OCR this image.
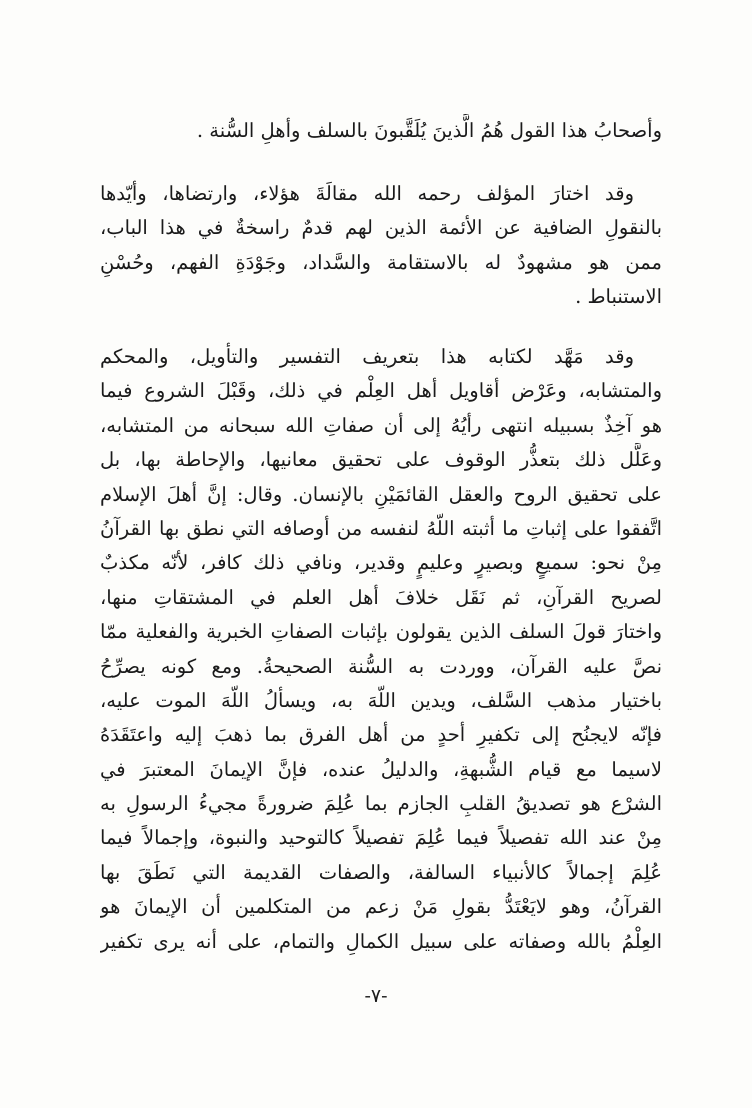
وأصحابُ هذا القول هُمُ الَّذينَ يُلَقَّبونَ بالسلف وأهلِ السُّنة .
وقد اختارَ المؤلف رحمه الله مقالَةَ هؤلاء، وارتضاها، وأيّدها
بالنقولِ الضافية عن الأئمة الذين لهم قدمٌ راسخةٌ في هذا الباب،
ممن هو مشهودٌ له بالاستقامة والسَّداد، وجَوْدَةِ الفهم، وحُسْنِ
الاستنباط .
وقد مَهَّد لكتابه هذا بتعريف التفسير والتأويل، والمحكم
والمتشابه، وعَرْض أقاويل أهل العِلْم في ذلك، وقَبْلَ الشروع فيما
هو آخِذٌ بسبيله انتهى رأيُهُ إلى أن صفاتِ الله سبحانه من المتشابه،
وعَلَّل ذلك بتعذُّر الوقوف على تحقيق معانيها، والإحاطة بها، بل
على تحقيق الروح والعقل القائمَيْنِ بالإنسان. وقال: إنَّ أهلَ الإسلام
اتَّفقوا على إثباتِ ما أثبته اللّهُ لنفسه من أوصافه التي نطق بها القرآنُ
مِنْ نحو: سميعٍ وبصيرٍ وعليمٍ وقدير، ونافي ذلك كافر، لأنّه مكذبٌ
لصريح القرآنِ، ثم نَقَل خلافَ أهل العلم في المشتقاتِ منها،
واختارَ قولَ السلف الذين يقولون بإثبات الصفاتِ الخبرية والفعلية ممّا
نصَّ عليه القرآن، ووردت به السُّنة الصحيحةُ. ومع كونه يصرِّحُ
باختيار مذهب السَّلف، ويدين اللّهَ به، ويسألُ اللّهَ الموت عليه،
فإنّه لايجنُح إلى تكفيرِ أحدٍ من أهل الفرق بما ذهبَ إليه واعتَقَدَهُ
لاسيما مع قيام الشُّبهةِ، والدليلُ عنده، فإنَّ الإيمانَ المعتبرَ في
الشرْع هو تصديقُ القلبِ الجازم بما عُلِمَ ضرورةً مجيءُ الرسولِ به
مِنْ عند الله تفصيلاً فيما عُلِمَ تفصيلاً كالتوحيد والنبوة، وإجمالاً فيما
عُلِمَ إجمالاً كالأنبياء السالفة، والصفات القديمة التي نَطَقَ بها
القرآنُ، وهو لايَعْتَدُّ بقولِ مَنْ زعم من المتكلمين أن الإيمانَ هو
العِلْمُ بالله وصفاته على سبيل الكمالِ والتمام، على أنه يرى تكفير
-٧-
